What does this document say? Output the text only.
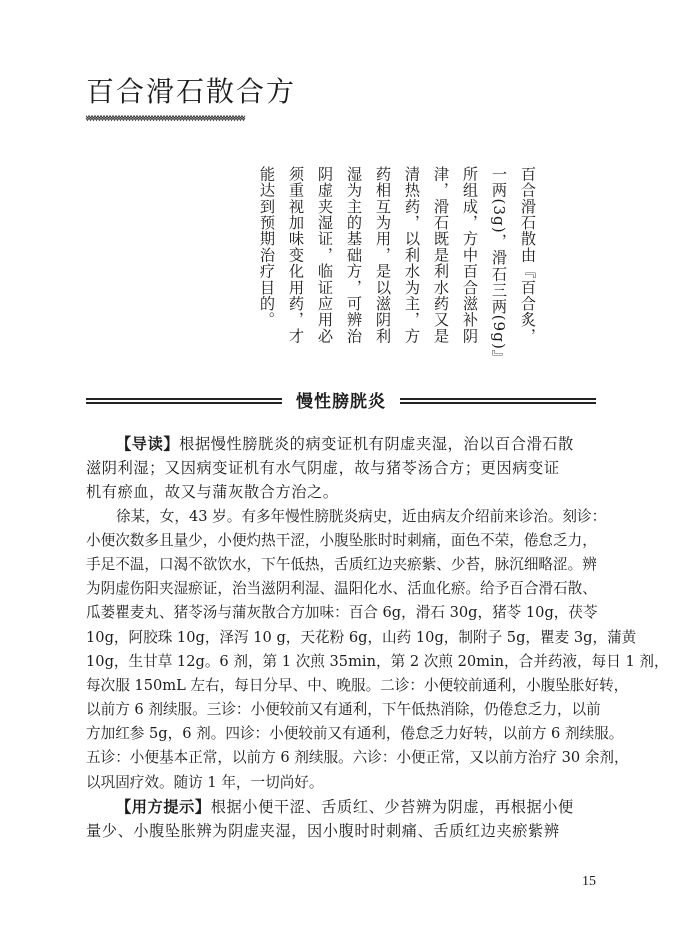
百合滑石散合方
百合滑石散由『百合炙，
一两(3g)，滑石三两(9g)』
所组成，方中百合滋补阴
津，滑石既是利水药又是
清热药，以利水为主，方
药相互为用，是以滋阴利
湿为主的基础方，可辨治
阴虚夹湿证，临证应用必
须重视加味变化用药，才
能达到预期治疗目的。
慢性膀胱炎
【导读】根据慢性膀胱炎的病变证机有阴虚夹湿，治以百合滑石散
滋阴利湿；又因病变证机有水气阴虚，故与猪苓汤合方；更因病变证
机有瘀血，故又与蒲灰散合方治之。
徐某，女，43 岁。有多年慢性膀胱炎病史，近由病友介绍前来诊治。刻诊：
小便次数多且量少，小便灼热干涩，小腹坠胀时时刺痛，面色不荣，倦怠乏力，
手足不温，口渴不欲饮水，下午低热，舌质红边夹瘀紫、少苔，脉沉细略涩。辨
为阴虚伤阳夹湿瘀证，治当滋阴利湿、温阳化水、活血化瘀。给予百合滑石散、
瓜蒌瞿麦丸、猪苓汤与蒲灰散合方加味：百合 6g，滑石 30g，猪苓 10g，茯苓
10g，阿胶珠 10g，泽泻 10 g，天花粉 6g，山药 10g，制附子 5g，瞿麦 3g，蒲黄
10g，生甘草 12g。6 剂，第 1 次煎 35min，第 2 次煎 20min，合并药液，每日 1 剂，
每次服 150mL 左右，每日分早、中、晚服。二诊：小便较前通利，小腹坠胀好转，
以前方 6 剂续服。三诊：小便较前又有通利，下午低热消除，仍倦怠乏力，以前
方加红参 5g，6 剂。四诊：小便较前又有通利，倦怠乏力好转，以前方 6 剂续服。
五诊：小便基本正常，以前方 6 剂续服。六诊：小便正常，又以前方治疗 30 余剂，
以巩固疗效。随访 1 年，一切尚好。
【用方提示】根据小便干涩、舌质红、少苔辨为阴虚，再根据小便
量少、小腹坠胀辨为阴虚夹湿，因小腹时时刺痛、舌质红边夹瘀紫辨
15
